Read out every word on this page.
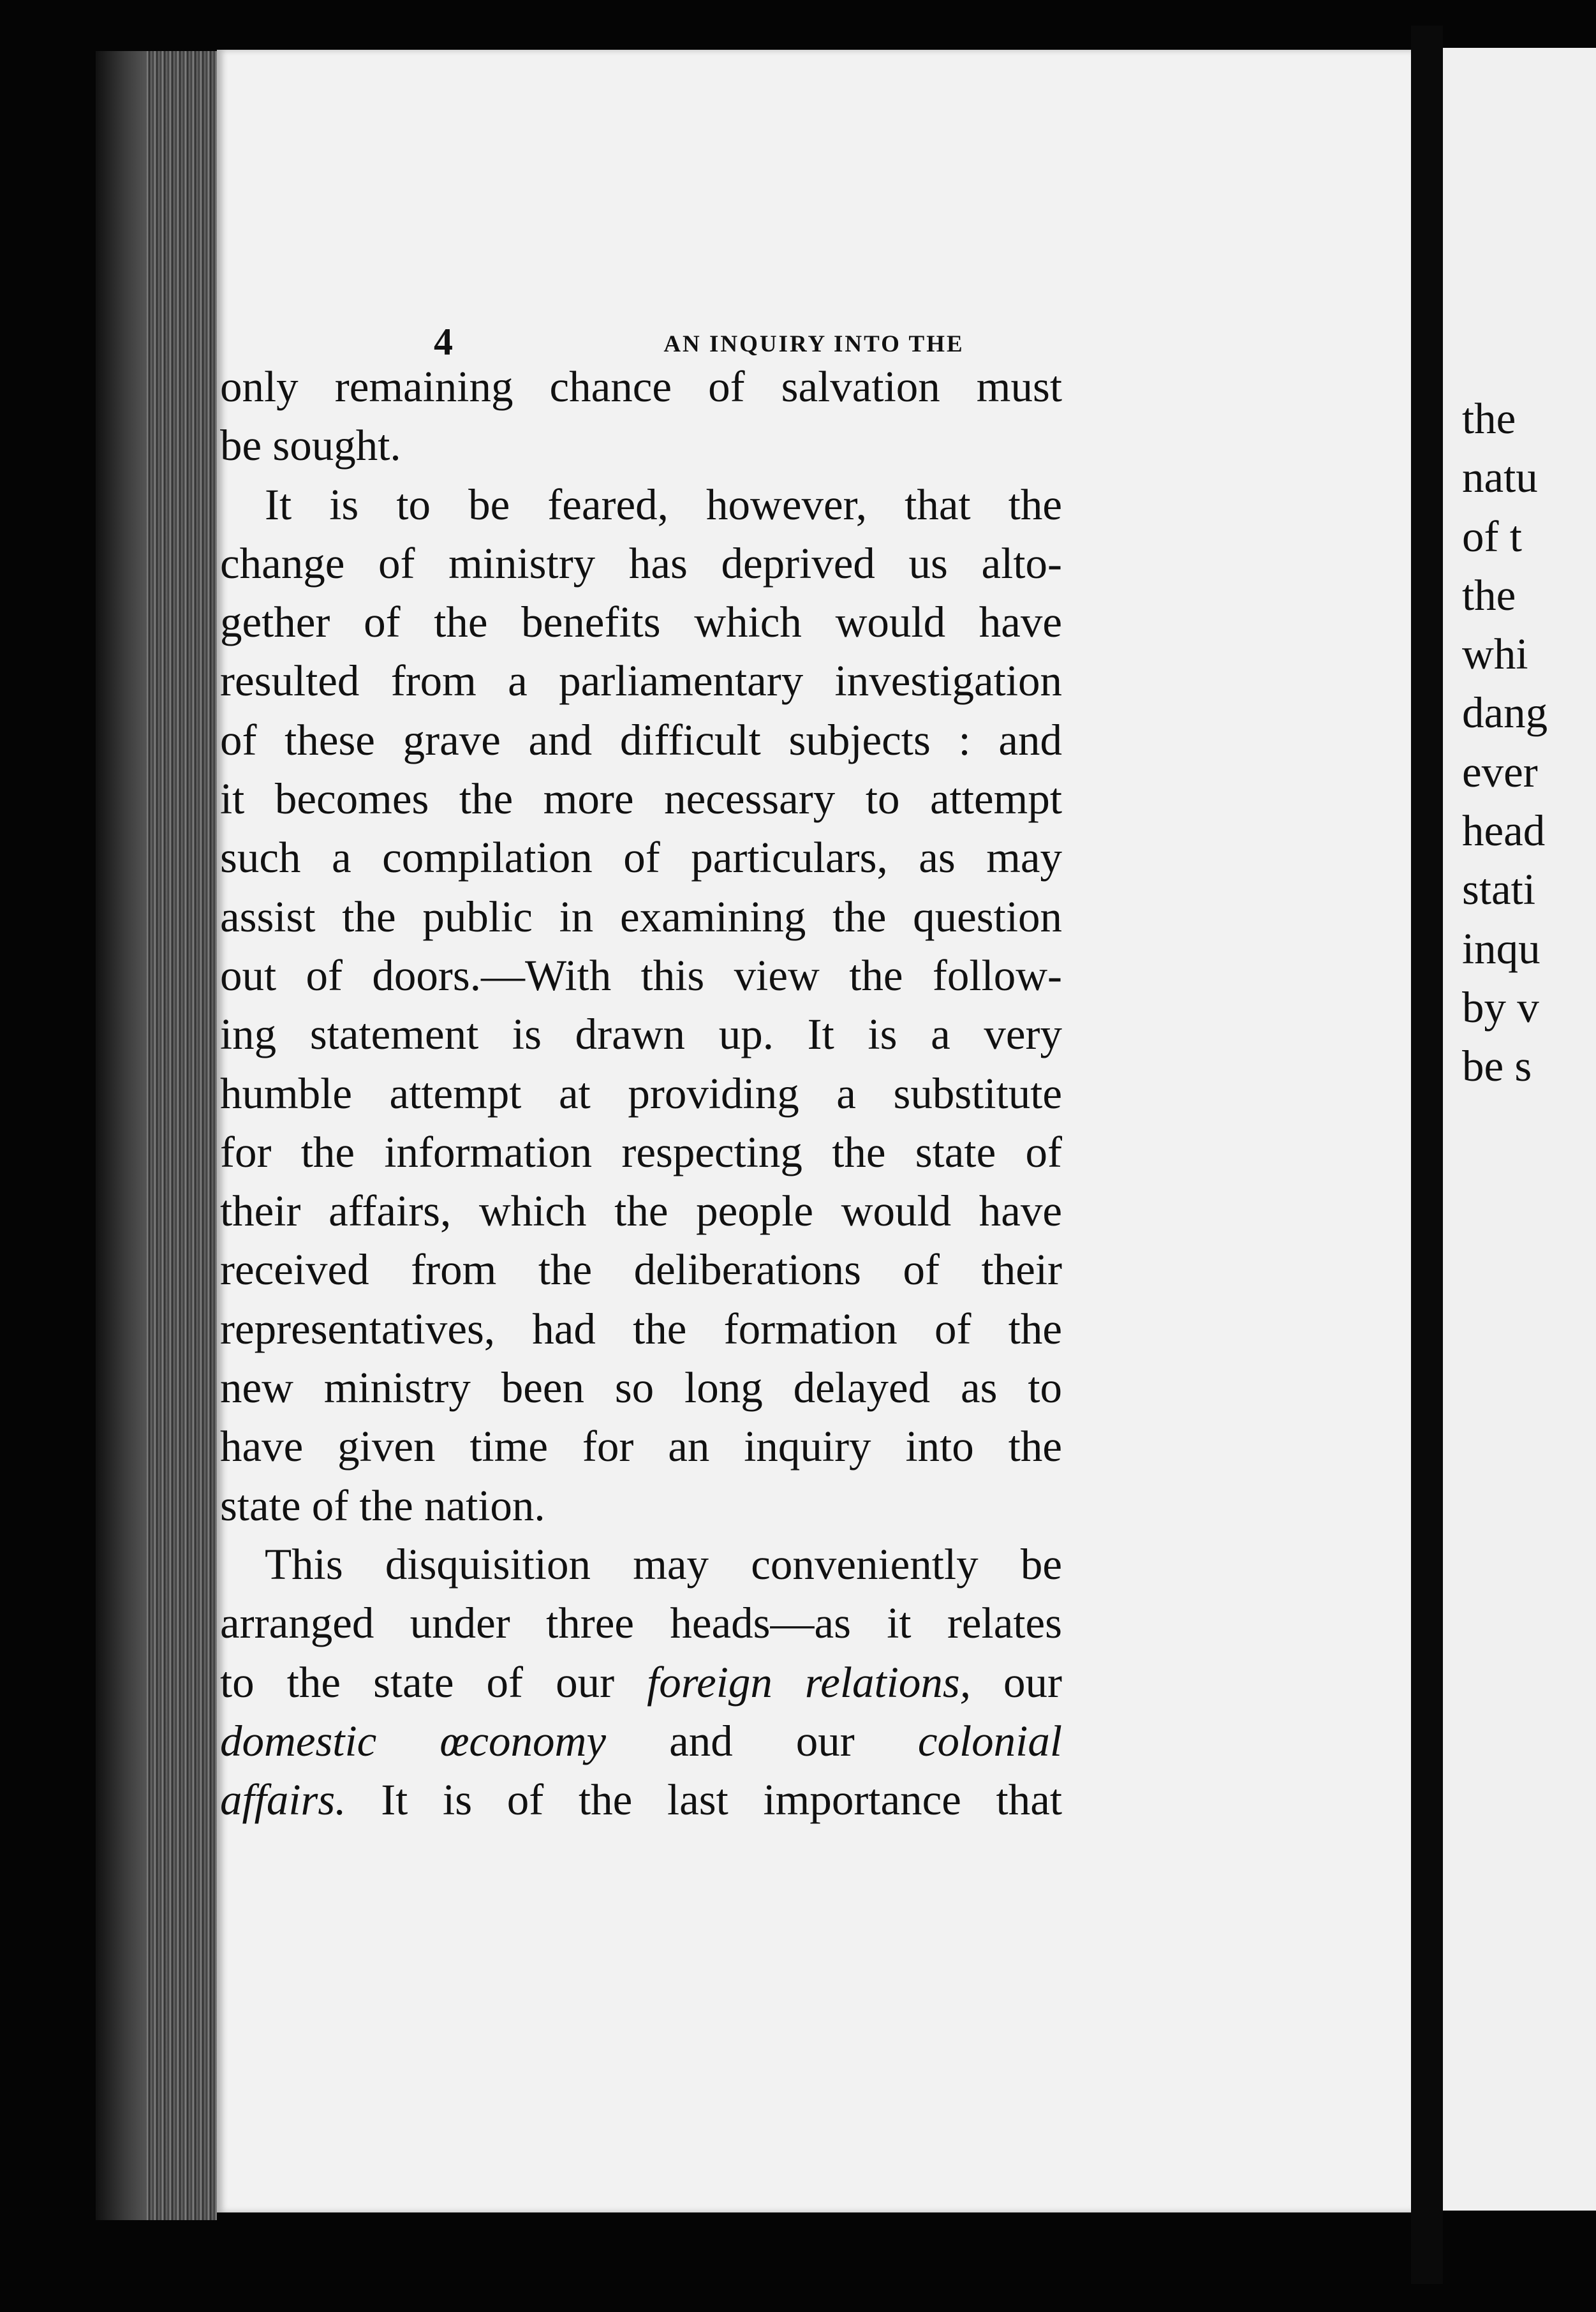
4	AN INQUIRY INTO THE
only remaining chance of salvation must
be sought.
It is to be feared, however, that the
change of ministry has deprived us alto-
gether of the benefits which would have
resulted from a parliamentary investigation
of these grave and difficult subjects : and
it becomes the more necessary to attempt
such a compilation of particulars, as may
assist the public in examining the question
out of doors.—With this view the follow-
ing statement is drawn up. It is a very
humble attempt at providing a substitute
for the information respecting the state of
their affairs, which the people would have
received from the deliberations of their
representatives, had the formation of the
new ministry been so long delayed as to
have given time for an inquiry into the
state of the nation.
This disquisition may conveniently be
arranged under three heads—as it relates
to the state of our foreign relations, our
domestic œconomy and our colonial
affairs. It is of the last importance that
the
natu
of t
the
whi
dang
ever
head
stati
inqu
by v
be s
